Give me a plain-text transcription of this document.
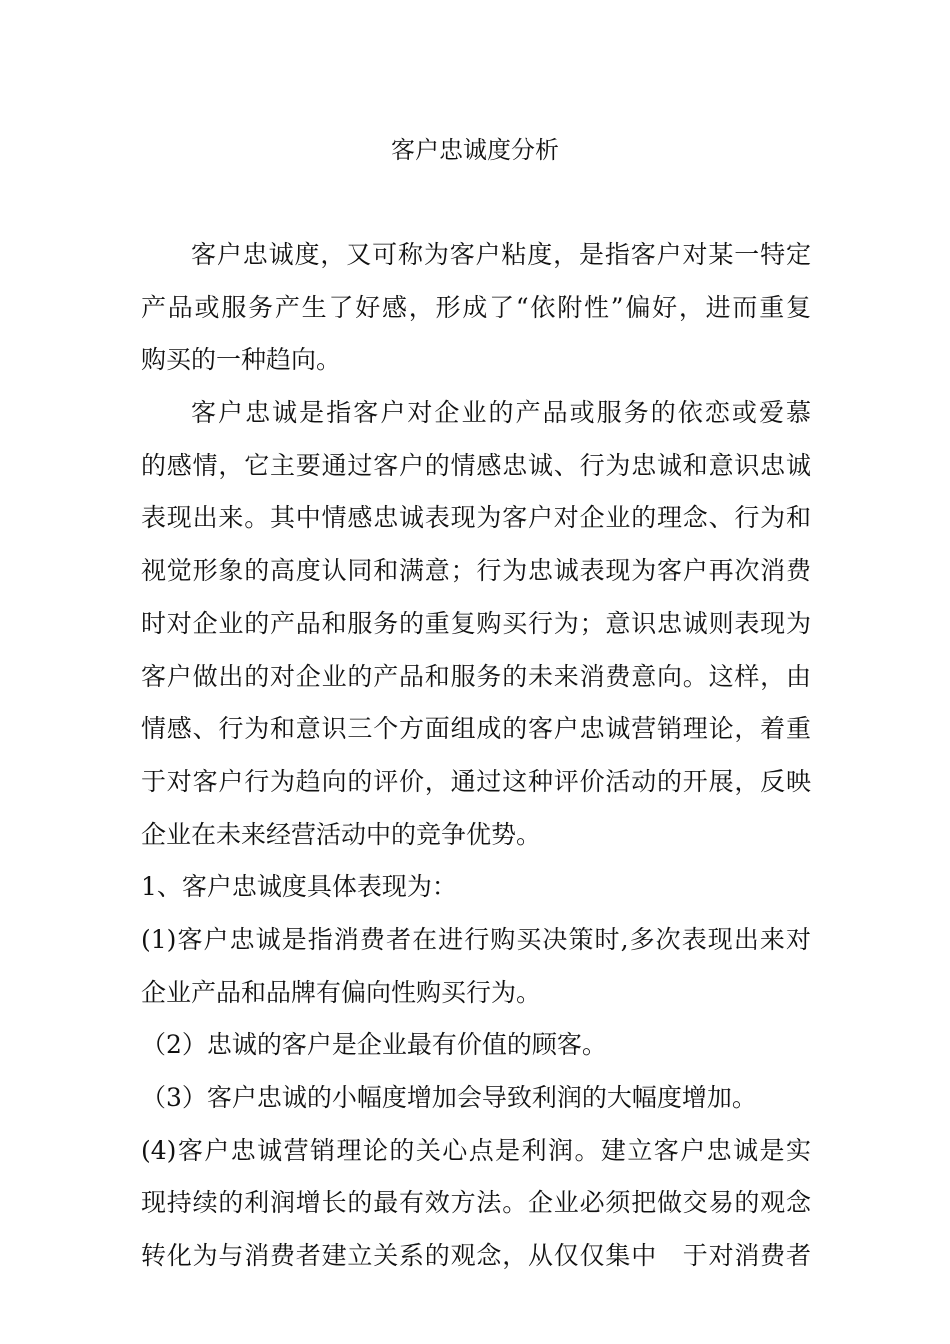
客户忠诚度分析
客户忠诚度，又可称为客户粘度，是指客户对某一特定
产品或服务产生了好感，形成了“依附性”偏好，进而重复
购买的一种趋向。
客户忠诚是指客户对企业的产品或服务的依恋或爱慕
的感情，它主要通过客户的情感忠诚、行为忠诚和意识忠诚
表现出来。其中情感忠诚表现为客户对企业的理念、行为和
视觉形象的高度认同和满意；行为忠诚表现为客户再次消费
时对企业的产品和服务的重复购买行为；意识忠诚则表现为
客户做出的对企业的产品和服务的未来消费意向。这样，由
情感、行为和意识三个方面组成的客户忠诚营销理论，着重
于对客户行为趋向的评价，通过这种评价活动的开展，反映
企业在未来经营活动中的竞争优势。
1、客户忠诚度具体表现为：
(1)客户忠诚是指消费者在进行购买决策时,多次表现出来对
企业产品和品牌有偏向性购买行为。
（2）忠诚的客户是企业最有价值的顾客。
（3）客户忠诚的小幅度增加会导致利润的大幅度增加。
(4)客户忠诚营销理论的关心点是利润。建立客户忠诚是实
现持续的利润增长的最有效方法。企业必须把做交易的观念
转化为与消费者建立关系的观念，从仅仅集中　于对消费者
